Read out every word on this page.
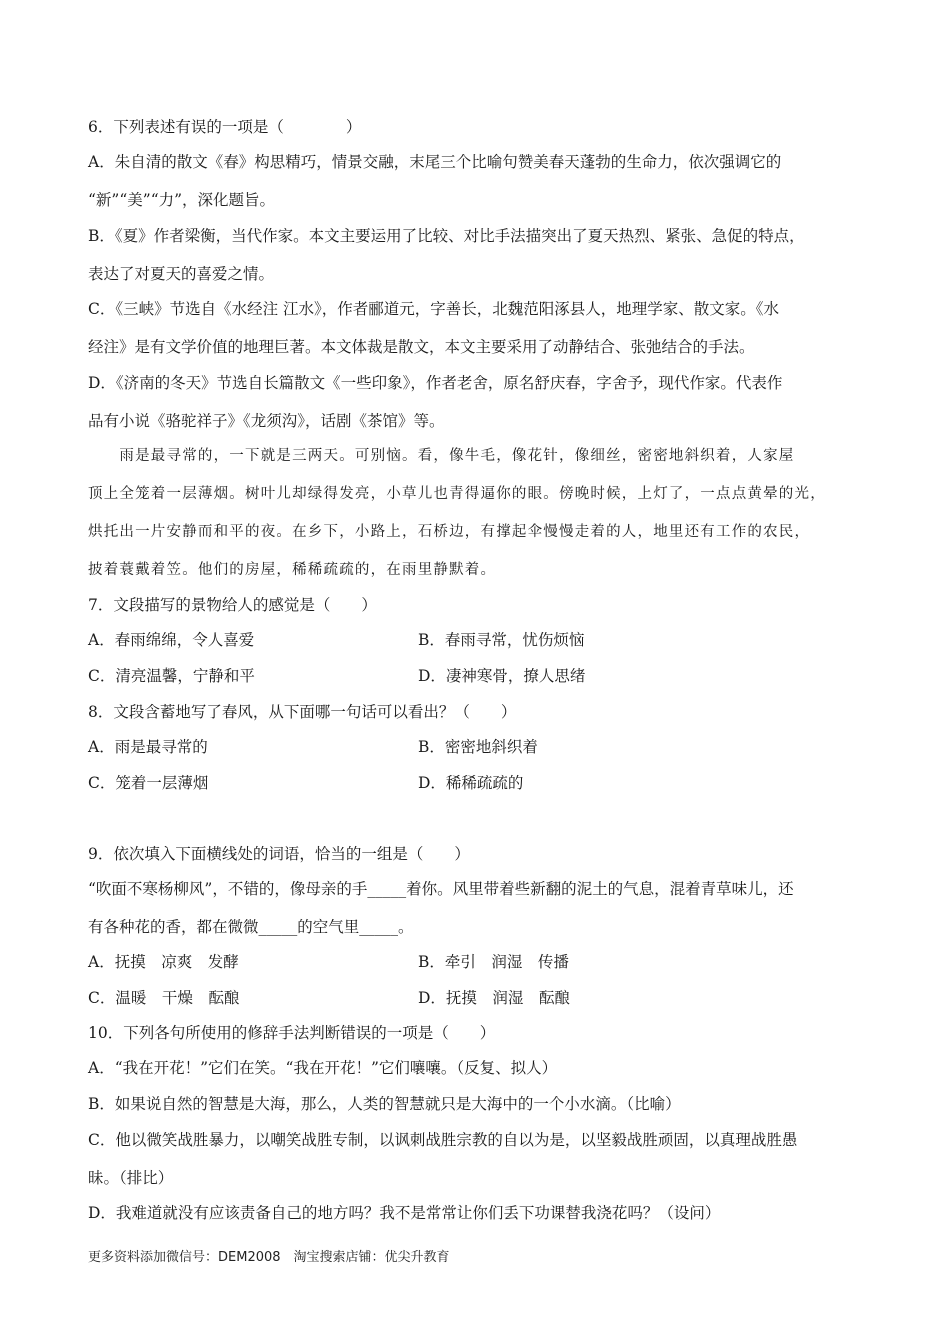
6．下列表述有误的一项是（　　　　）
A．朱自清的散文《春》构思精巧，情景交融，末尾三个比喻句赞美春天蓬勃的生命力，依次强调它的
“新”“美”“力”，深化题旨。
B．《夏》作者梁衡，当代作家。本文主要运用了比较、对比手法描突出了夏天热烈、紧张、急促的特点，
表达了对夏天的喜爱之情。
C．《三峡》节选自《水经注 江水》，作者郦道元，字善长，北魏范阳涿县人，地理学家、散文家。《水
经注》是有文学价值的地理巨著。本文体裁是散文，本文主要采用了动静结合、张弛结合的手法。
D．《济南的冬天》节选自长篇散文《一些印象》，作者老舍，原名舒庆春，字舍予，现代作家。代表作
品有小说《骆驼祥子》《龙须沟》，话剧《茶馆》等。
　　雨是最寻常的，一下就是三两天。可别恼。看，像牛毛，像花针，像细丝，密密地斜织着，人家屋
顶上全笼着一层薄烟。树叶儿却绿得发亮，小草儿也青得逼你的眼。傍晚时候，上灯了，一点点黄晕的光，
烘托出一片安静而和平的夜。在乡下，小路上，石桥边，有撑起伞慢慢走着的人，地里还有工作的农民，
披着蓑戴着笠。他们的房屋，稀稀疏疏的，在雨里静默着。
7．文段描写的景物给人的感觉是（　　）
A．春雨绵绵，令人喜爱	B．春雨寻常，忧伤烦恼
C．清亮温馨，宁静和平	D．凄神寒骨，撩人思绪
8．文段含蓄地写了春风，从下面哪一句话可以看出？（　　）
A．雨是最寻常的	B．密密地斜织着
C．笼着一层薄烟	D．稀稀疏疏的
9．依次填入下面横线处的词语，恰当的一组是（　　）
“吹面不寒杨柳风”，不错的，像母亲的手_____着你。风里带着些新翻的泥土的气息，混着青草味儿，还
有各种花的香，都在微微_____的空气里_____。
A．抚摸　凉爽　发酵	B．牵引　润湿　传播
C．温暖　干燥　酝酿	D．抚摸　润湿　酝酿
10．下列各句所使用的修辞手法判断错误的一项是（　　）
A．“我在开花！”它们在笑。“我在开花！”它们嚷嚷。（反复、拟人）
B．如果说自然的智慧是大海，那么，人类的智慧就只是大海中的一个小水滴。（比喻）
C．他以微笑战胜暴力，以嘲笑战胜专制，以讽刺战胜宗教的自以为是，以坚毅战胜顽固，以真理战胜愚
昧。（排比）
D．我难道就没有应该责备自己的地方吗？我不是常常让你们丢下功课替我浇花吗？（设问）
更多资料添加微信号：DEM2008　淘宝搜索店铺：优尖升教育
